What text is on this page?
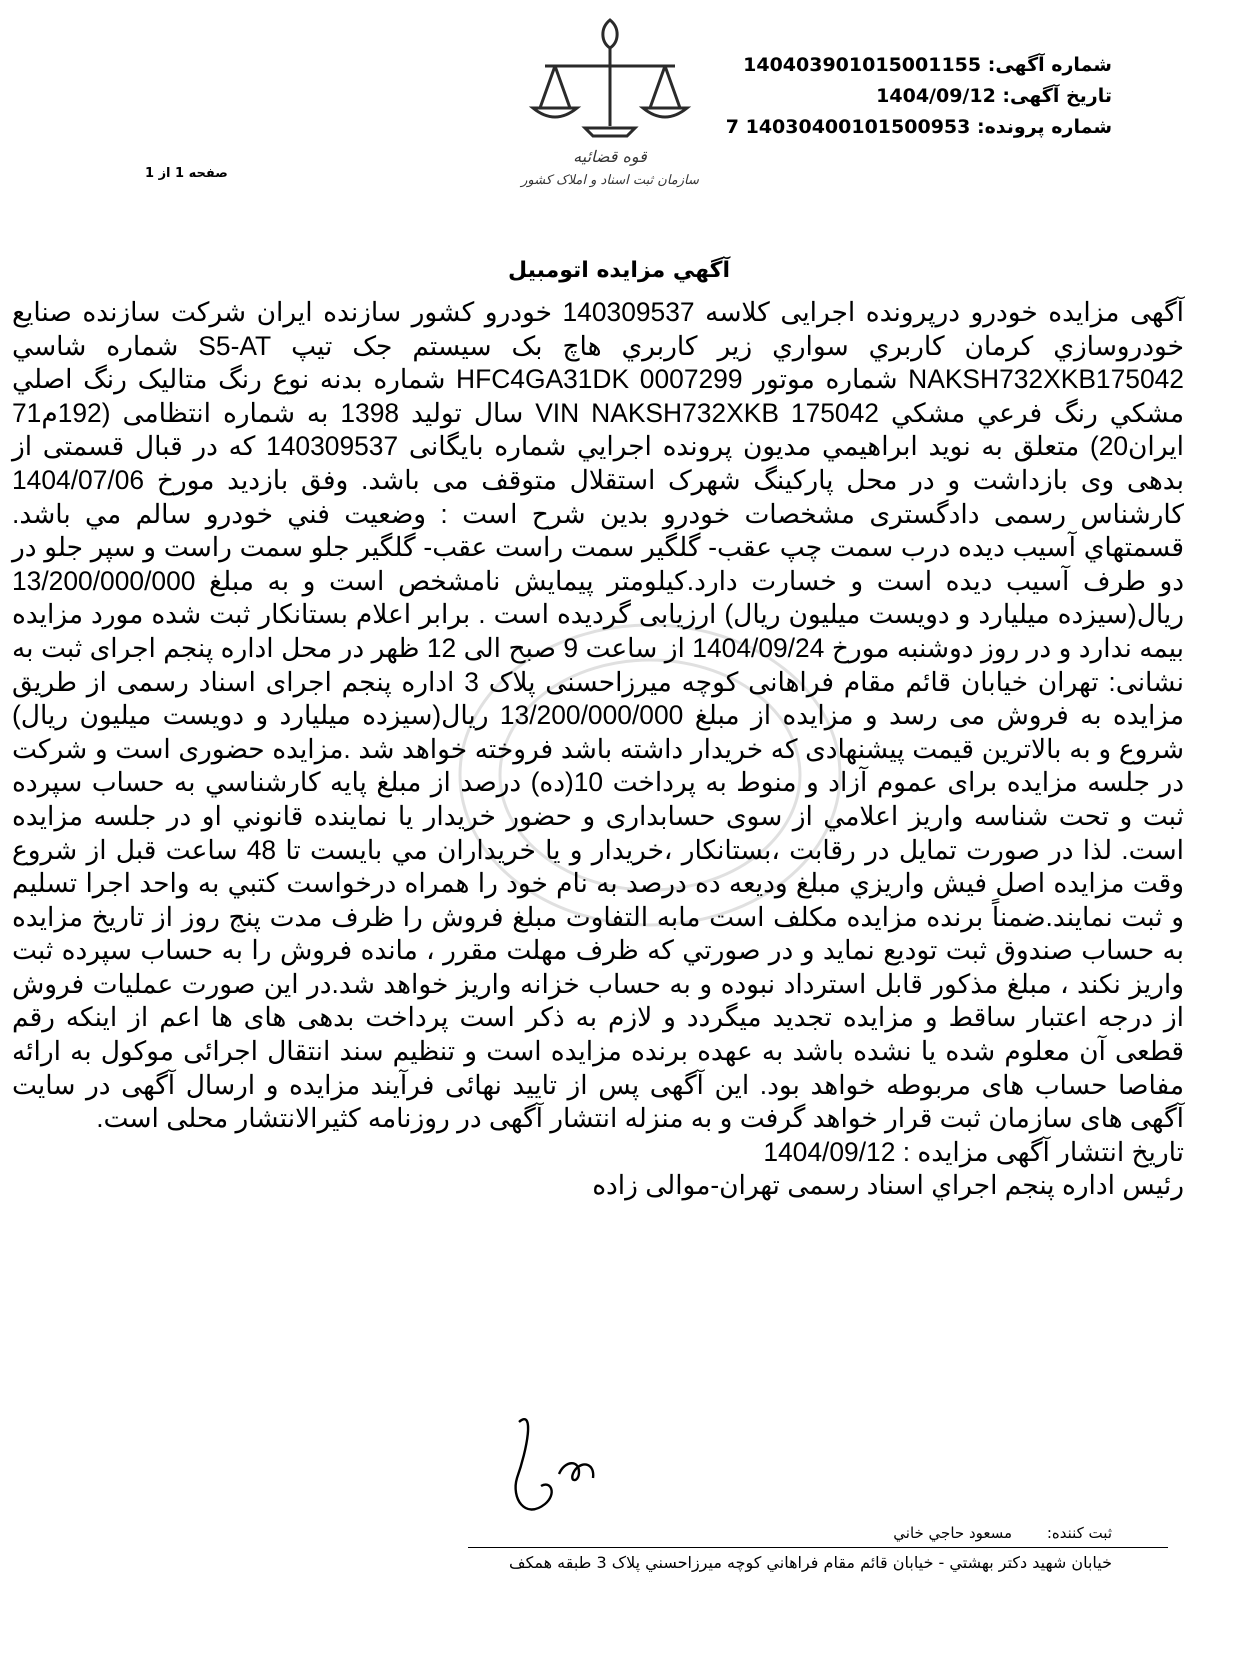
شماره آگهی: 140403901015001155
تاریخ آگهی: 1404/09/12
شماره پرونده: 14030400101500953 7
صفحه 1 از 1
قوه قضائیه
سازمان ثبت اسناد و املاک کشور
آگهي مزايده اتومبيل

آگهی مزایده خودرو درپرونده اجرایی کلاسه 140309537 خودرو کشور سازنده ایران شرکت سازنده صنایع خودروسازي کرمان کاربري سواري زير کاربري هاچ بک سيستم جک تيپ S5-AT شماره شاسي NAKSH732XKB175042 شماره موتور HFC4GA31DK 0007299 شماره بدنه نوع رنگ متاليک رنگ اصلي مشکي رنگ فرعي مشکي VIN NAKSH732XKB 175042 سال توليد 1398 به شماره انتظامی (192م71 ایران20) متعلق به نوید ابراهيمي مديون پرونده اجرايي شماره بايگانی 140309537 که در قبال قسمتی از بدهی وی بازداشت و در محل پارکینگ شهرک استقلال متوقف می باشد. وفق بازدید مورخ 1404/07/06 کارشناس رسمی دادگستری مشخصات خودرو بدین شرح است : وضعیت فني خودرو سالم مي باشد. قسمتهاي آسيب ديده درب سمت چپ عقب- گلگير سمت راست عقب- گلگير جلو سمت راست و سپر جلو در دو طرف آسيب ديده است و خسارت دارد.کیلومتر پیمایش نامشخص است و به مبلغ 13/200/000/000 ريال(سيزده ميليارد و دويست ميليون ريال) ارزیابی گردیده است . برابر اعلام بستانکار ثبت شده مورد مزایده بیمه ندارد و در روز دوشنبه مورخ 1404/09/24 از ساعت 9 صبح الی 12 ظهر در محل اداره پنجم اجرای ثبت به نشانی: تهران خیابان قائم مقام فراهانی کوچه میرزاحسنی پلاک 3 اداره پنجم اجرای اسناد رسمی از طریق مزایده به فروش می رسد و مزایده از مبلغ 13/200/000/000 ريال(سيزده ميليارد و دويست ميليون ريال) شروع و به بالاترین قیمت پیشنهادی که خریدار داشته باشد فروخته خواهد شد .مزایده حضوری است و شرکت در جلسه مزایده برای عموم آزاد و منوط به پرداخت 10(ده) درصد از مبلغ پايه کارشناسي به حساب سپرده ثبت و تحت شناسه واريز اعلامي از سوی حسابداری و حضور خريدار يا نماينده قانوني او در جلسه مزايده است. لذا در صورت تمایل در رقابت ،بستانکار ،خریدار و يا خريداران مي بايست تا 48 ساعت قبل از شروع وقت مزایده اصل فيش واريزي مبلغ وديعه ده درصد به نام خود را همراه درخواست کتبي به واحد اجرا تسليم و ثبت نمایند.ضمناً برنده مزایده مکلف است مابه التفاوت مبلغ فروش را ظرف مدت پنج روز از تاریخ مزایده به حساب صندوق ثبت توديع نمايد و در صورتي که ظرف مهلت مقرر ، مانده فروش را به حساب سپرده ثبت واريز نکند ، مبلغ مذکور قابل استرداد نبوده و به حساب خزانه واریز خواهد شد.در این صورت عملیات فروش از درجه اعتبار ساقط و مزایده تجدید میگردد و لازم به ذکر است پرداخت بدهی های ها اعم از اینکه رقم قطعی آن معلوم شده یا نشده باشد به عهده برنده مزایده است و تنظیم سند انتقال اجرائی موکول به ارائه مفاصا حساب های مربوطه خواهد بود. این آگهی پس از تایید نهائی فرآیند مزایده و ارسال آگهی در سایت آگهی های سازمان ثبت قرار خواهد گرفت و به منزله انتشار آگهی در روزنامه کثیرالانتشار محلی است.

تاریخ انتشار آگهی مزایده : 1404/09/12
رئيس اداره پنجم اجراي اسناد رسمی تهران-موالی زاده
ثبت کننده: مسعود حاجي خاني
خيابان شهيد دکتر بهشتي - خيابان قائم مقام فراهاني کوچه ميرزاحسني پلاک 3 طبقه همکف
